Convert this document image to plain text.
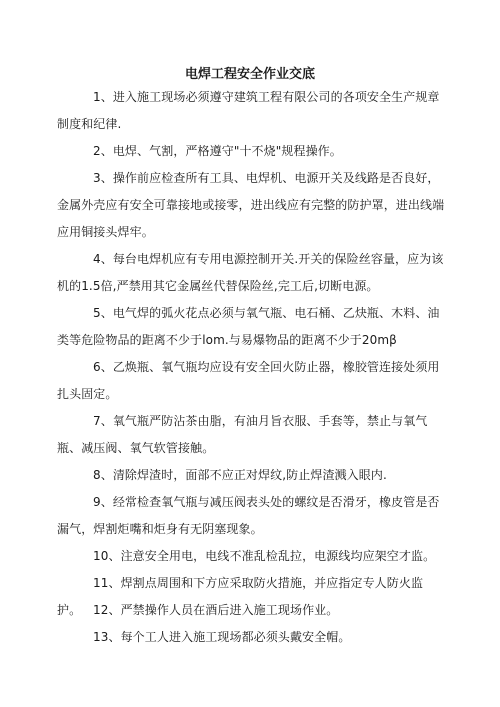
电焊工程安全作业交底

1、进入施工现场必须遵守建筑工程有限公司的各项安全生产规章制度和纪律.

2、电焊、气割，严格遵守"十不烧"规程操作。

3、操作前应检查所有工具、电焊机、电源开关及线路是否良好，金属外壳应有安全可靠接地或接零，进出线应有完整的防护罩，进出线端应用铜接头焊牢。

4、每台电焊机应有专用电源控制开关.开关的保险丝容量，应为该机的1.5倍,严禁用其它金属丝代替保险丝,完工后,切断电源。

5、电气焊的弧火花点必须与氧气瓶、电石桶、乙炔瓶、木料、油类等危险物品的距离不少于lom.与易爆物品的距离不少于20mβ

6、乙焕瓶、氧气瓶均应设有安全回火防止器，橡胶管连接处须用扎头固定。

7、氧气瓶严防沾茶由脂，有油月旨衣服、手套等，禁止与氧气瓶、减压阀、氧气软管接触。

8、清除焊渣时，面部不应正对焊纹,防止焊渣溅入眼内.

9、经常检查氧气瓶与减压阀表头处的螺纹是否滑牙，橡皮管是否漏气，焊割炬嘴和炬身有无阴塞现象。

10、注意安全用电，电线不准乱检乱拉，电源线均应架空才监。

11、焊割点周围和下方应采取防火措施，并应指定专人防火监护。 12、严禁操作人员在酒后进入施工现场作业。

13、每个工人进入施工现场都必须头戴安全帽。
